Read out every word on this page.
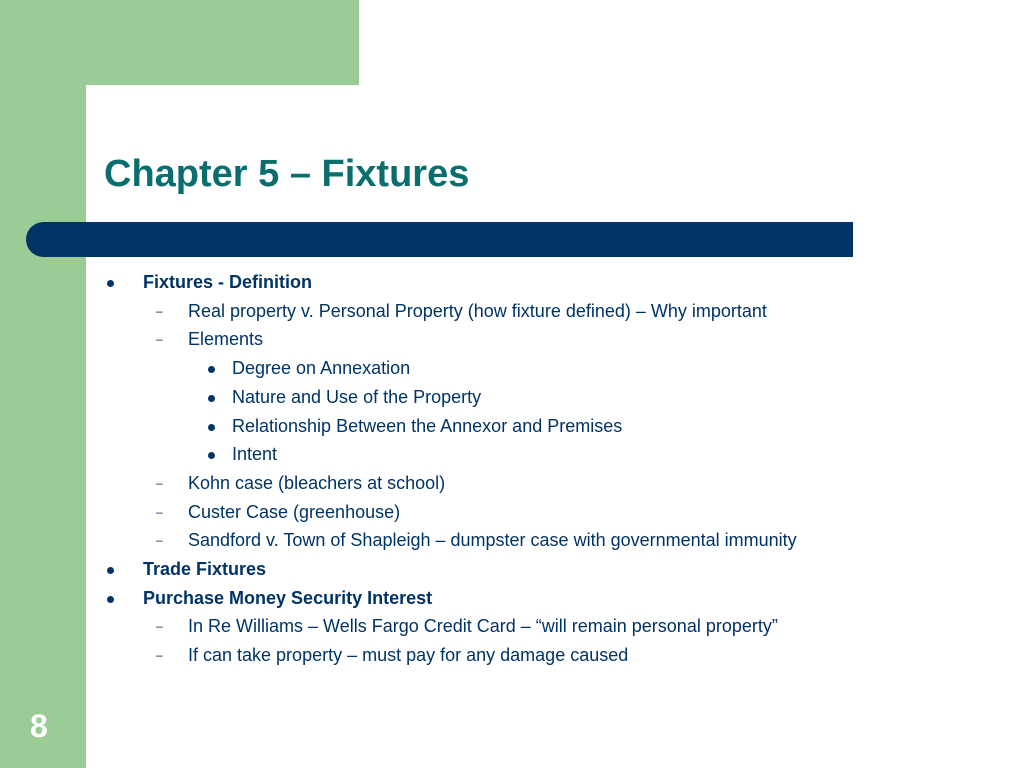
Chapter 5 – Fixtures
Fixtures - Definition
– Real property v. Personal Property (how fixture defined) – Why important
– Elements
Degree on Annexation
Nature and Use of the Property
Relationship Between the Annexor and Premises
Intent
– Kohn case (bleachers at school)
– Custer Case (greenhouse)
– Sandford v. Town of Shapleigh – dumpster case with governmental immunity
Trade Fixtures
Purchase Money Security Interest
– In Re Williams – Wells Fargo Credit Card – “will remain personal property”
– If can take property – must pay for any damage caused
8
